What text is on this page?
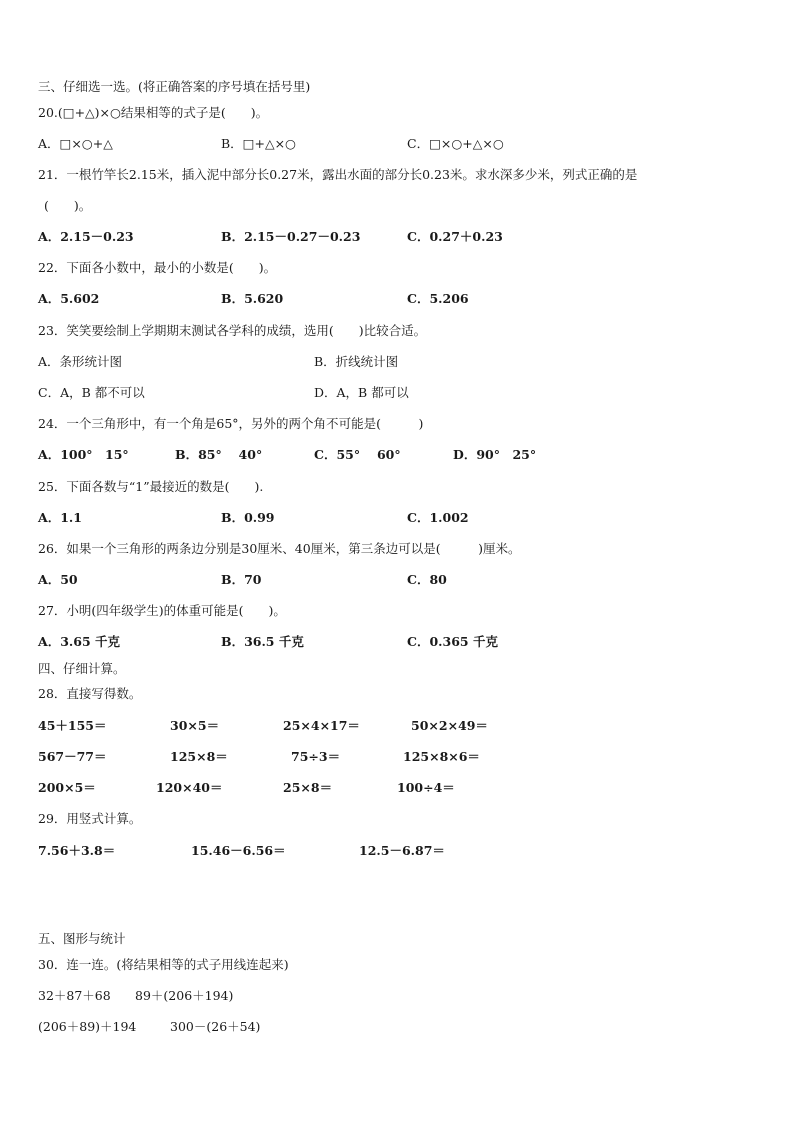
三、仔细选一选。(将正确答案的序号填在括号里)
20.(□+△)×○结果相等的式子是(　　)。
A．□×○+△	B．□+△×○	C．□×○+△×○
21．一根竹竿长2.15米，插入泥中部分长0.27米，露出水面的部分长0.23米。求水深多少米，列式正确的是
(　　)。
A．2.15－0.23	B．2.15－0.27－0.23	C．0.27＋0.23
22．下面各小数中，最小的小数是(　　)。
A．5.602	B．5.620	C．5.206
23．笑笑要绘制上学期期末测试各学科的成绩，选用(　　)比较合适。
A．条形统计图	B．折线统计图
C．A，B 都不可以	D．A，B 都可以
24．一个三角形中，有一个角是65°，另外的两个角不可能是(　　　)
A．100°　15°	B．85°　 40°	C．55°　 60°	D．90°　25°
25．下面各数与“1”最接近的数是(　　).
A．1.1	B．0.99	C．1.002
26．如果一个三角形的两条边分别是30厘米、40厘米，第三条边可以是(　　　)厘米。
A．50	B．70	C．80
27．小明(四年级学生)的体重可能是(　　)。
A．3.65 千克	B．36.5 千克	C．0.365 千克
四、仔细计算。
28．直接写得数。
45＋155＝	30×5＝	25×4×17＝	50×2×49＝
567－77＝	125×8＝	75÷3＝	125×8×6＝
200×5＝	120×40＝	25×8＝	100÷4＝
29．用竖式计算。
7.56＋3.8＝	15.46－6.56＝	12.5－6.87＝
五、图形与统计
30．连一连。(将结果相等的式子用线连起来)
32＋87＋68 89＋(206＋194)
(206＋89)＋194	300－(26＋54)
